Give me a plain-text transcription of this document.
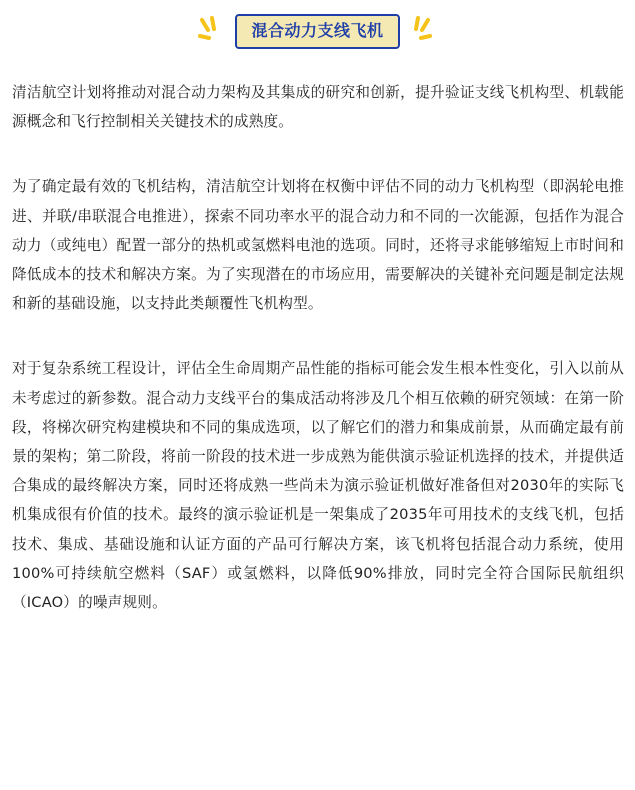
混合动力支线飞机

清洁航空计划将推动对混合动力架构及其集成的研究和创新，提升验证支线飞机构型、机载能源概念和飞行控制相关关键技术的成熟度。

为了确定最有效的飞机结构，清洁航空计划将在权衡中评估不同的动力飞机构型（即涡轮电推进、并联/串联混合电推进），探索不同功率水平的混合动力和不同的一次能源，包括作为混合动力（或纯电）配置一部分的热机或氢燃料电池的选项。同时，还将寻求能够缩短上市时间和降低成本的技术和解决方案。为了实现潜在的市场应用，需要解决的关键补充问题是制定法规和新的基础设施，以支持此类颠覆性飞机构型。

对于复杂系统工程设计，评估全生命周期产品性能的指标可能会发生根本性变化，引入以前从未考虑过的新参数。混合动力支线平台的集成活动将涉及几个相互依赖的研究领域：在第一阶段，将梯次研究构建模块和不同的集成选项，以了解它们的潜力和集成前景，从而确定最有前景的架构；第二阶段，将前一阶段的技术进一步成熟为能供演示验证机选择的技术，并提供适合集成的最终解决方案，同时还将成熟一些尚未为演示验证机做好准备但对2030年的实际飞机集成很有价值的技术。最终的演示验证机是一架集成了2035年可用技术的支线飞机，包括技术、集成、基础设施和认证方面的产品可行解决方案，该飞机将包括混合动力系统，使用100%可持续航空燃料（SAF）或氢燃料，以降低90%排放，同时完全符合国际民航组织（ICAO）的噪声规则。
